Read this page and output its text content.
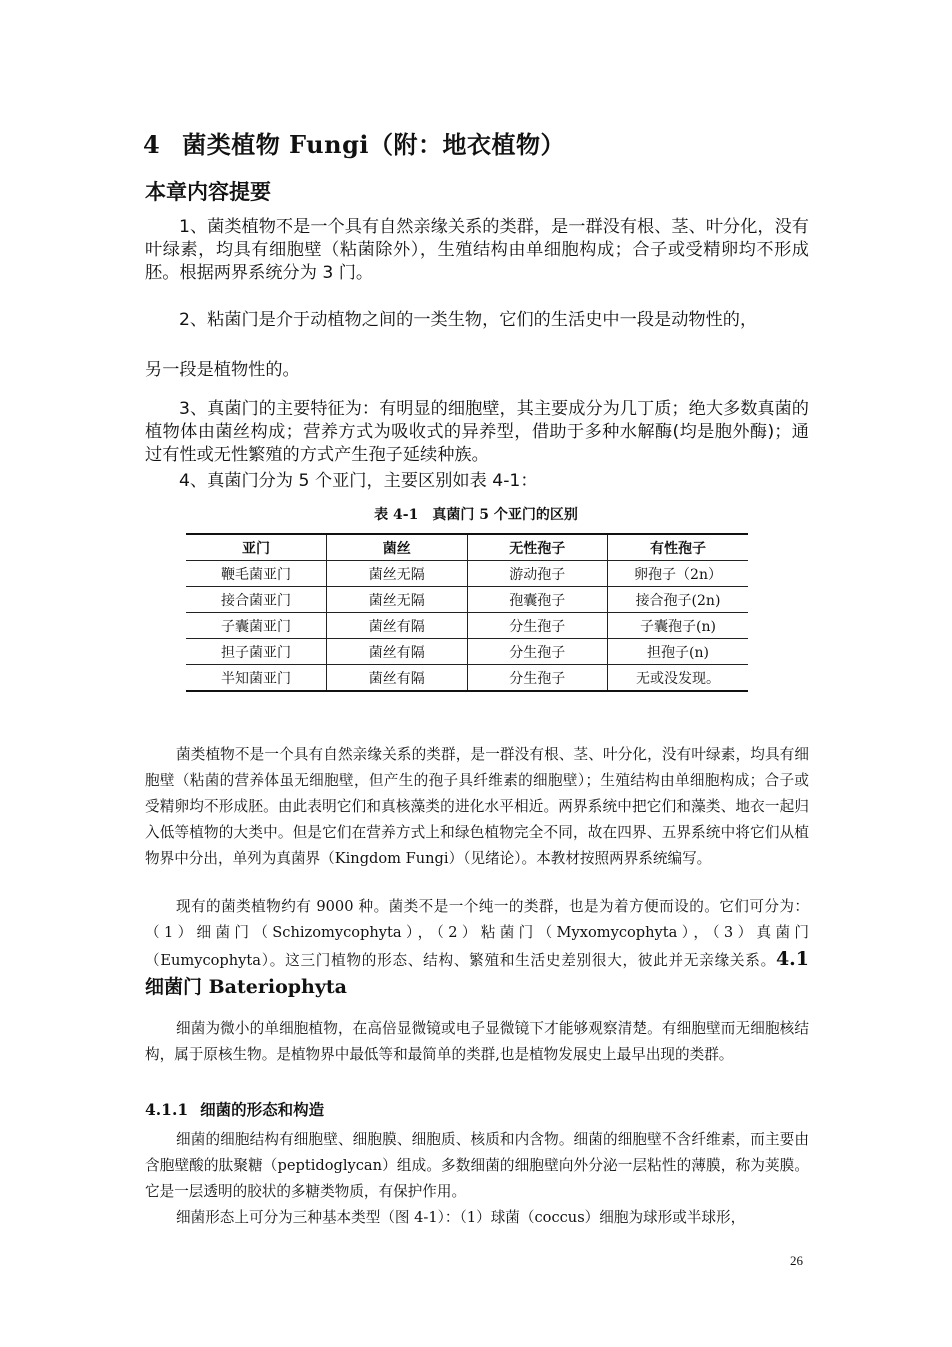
4 菌类植物 Fungi（附：地衣植物）
本章内容提要
1、菌类植物不是一个具有自然亲缘关系的类群，是一群没有根、茎、叶分化，没有叶绿素，均具有细胞壁（粘菌除外），生殖结构由单细胞构成；合子或受精卵均不形成胚。根据两界系统分为 3 门。
2、粘菌门是介于动植物之间的一类生物，它们的生活史中一段是动物性的，
另一段是植物性的。
3、真菌门的主要特征为：有明显的细胞壁，其主要成分为几丁质；绝大多数真菌的植物体由菌丝构成；营养方式为吸收式的异养型，借助于多种水解酶(均是胞外酶)；通过有性或无性繁殖的方式产生孢子延续种族。
4、真菌门分为 5 个亚门，主要区别如表 4-1：
表 4-1　真菌门 5 个亚门的区别
亚门	菌丝	无性孢子	有性孢子
鞭毛菌亚门	菌丝无隔	游动孢子	卵孢子（2n）
接合菌亚门	菌丝无隔	孢囊孢子	接合孢子(2n)
子囊菌亚门	菌丝有隔	分生孢子	子囊孢子(n)
担子菌亚门	菌丝有隔	分生孢子	担孢子(n)
半知菌亚门	菌丝有隔	分生孢子	无或没发现。
菌类植物不是一个具有自然亲缘关系的类群，是一群没有根、茎、叶分化，没有叶绿素，均具有细胞壁（粘菌的营养体虽无细胞壁，但产生的孢子具纤维素的细胞壁）；生殖结构由单细胞构成；合子或受精卵均不形成胚。由此表明它们和真核藻类的进化水平相近。两界系统中把它们和藻类、地衣一起归入低等植物的大类中。但是它们在营养方式上和绿色植物完全不同，故在四界、五界系统中将它们从植物界中分出，单列为真菌界（Kingdom Fungi）（见绪论）。本教材按照两界系统编写。
现有的菌类植物约有 9000 种。菌类不是一个纯一的类群，也是为着方便而设的。它们可分为：（1）细菌门（Schizomycophyta），（2）粘菌门（Myxomycophyta），（3）真菌门（Eumycophyta）。这三门植物的形态、结构、繁殖和生活史差别很大，彼此并无亲缘关系。4.1　细菌门 Bateriophyta
细菌为微小的单细胞植物，在高倍显微镜或电子显微镜下才能够观察清楚。有细胞壁而无细胞核结构，属于原核生物。是植物界中最低等和最简单的类群,也是植物发展史上最早出现的类群。
4.1.1 细菌的形态和构造
细菌的细胞结构有细胞壁、细胞膜、细胞质、核质和内含物。细菌的细胞壁不含纤维素，而主要由含胞壁酸的肽聚糖（peptidoglycan）组成。多数细菌的细胞壁向外分泌一层粘性的薄膜，称为荚膜。它是一层透明的胶状的多糖类物质，有保护作用。
细菌形态上可分为三种基本类型（图 4-1）：（1）球菌（coccus）细胞为球形或半球形，
26
